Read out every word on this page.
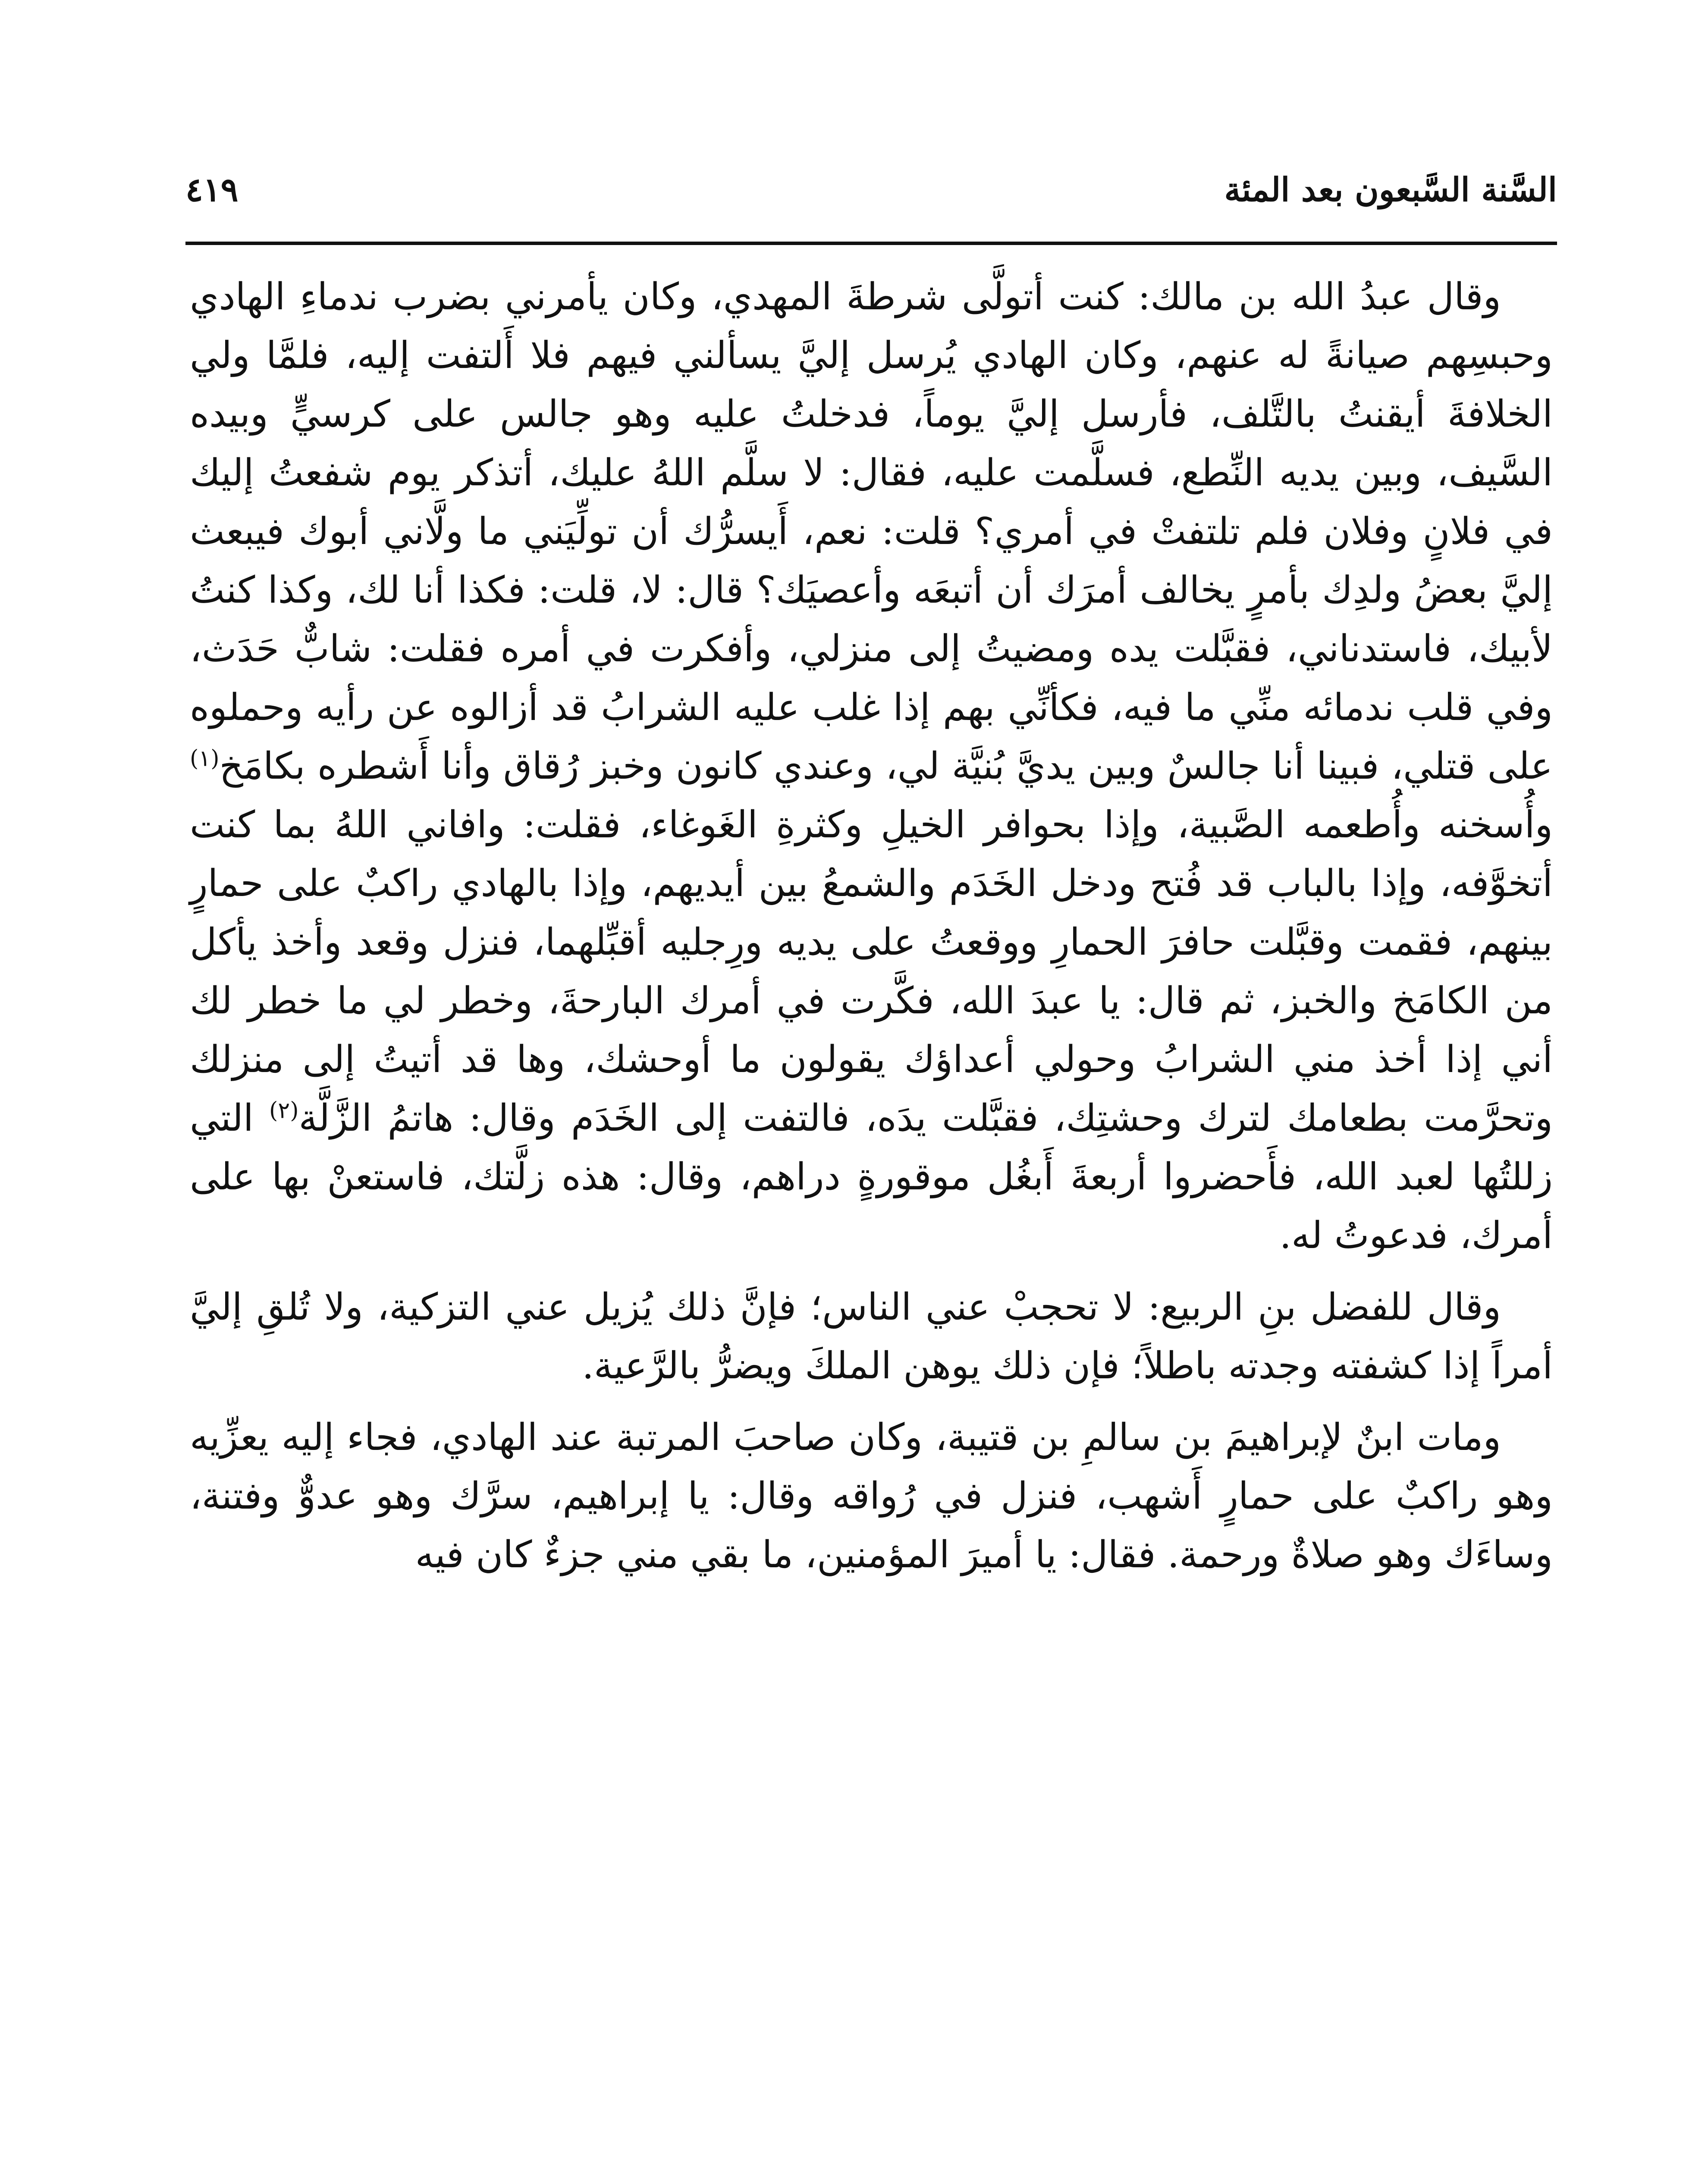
السَّنة السَّبعون بعد المئة
٤١٩

وقال عبدُ الله بن مالك: كنت أتولَّى شرطةَ المهدي، وكان يأمرني بضرب ندماءِ الهادي وحبسِهم صيانةً له عنهم، وكان الهادي يُرسل إليَّ يسألني فيهم فلا أَلتفت إليه، فلمَّا ولي الخلافةَ أيقنتُ بالتَّلف، فأرسل إليَّ يوماً، فدخلتُ عليه وهو جالس على كرسيٍّ وبيده السَّيف، وبين يديه النِّطع، فسلَّمت عليه، فقال: لا سلَّم اللهُ عليك، أتذكر يوم شفعتُ إليك في فلانٍ وفلان فلم تلتفتْ في أمري؟ قلت: نعم، أَيسرُّك أن تولِّيَني ما ولَّاني أبوك فيبعث إليَّ بعضُ ولدِك بأمرٍ يخالف أمرَك أن أتبعَه وأعصيَك؟ قال: لا، قلت: فكذا أنا لك، وكذا كنتُ لأبيك، فاستدناني، فقبَّلت يده ومضيتُ إلى منزلي، وأفكرت في أمره فقلت: شابٌّ حَدَث، وفي قلب ندمائه منِّي ما فيه، فكأنِّي بهم إذا غلب عليه الشرابُ قد أزالوه عن رأيه وحملوه على قتلي، فبينا أنا جالسٌ وبين يديَّ بُنيَّة لي، وعندي كانون وخبز رُقاق وأنا أَشطره بكامَخ$^{(١)}$ وأُسخنه وأُطعمه الصَّبية، وإذا بحوافر الخيلِ وكثرةِ الغَوغاء، فقلت: وافاني اللهُ بما كنت أتخوَّفه، وإذا بالباب قد فُتح ودخل الخَدَم والشمعُ بين أيديهم، وإذا بالهادي راكبٌ على حمارٍ بينهم، فقمت وقبَّلت حافرَ الحمارِ ووقعتُ على يديه ورِجليه أقبِّلهما، فنزل وقعد وأخذ يأكل من الكامَخ والخبز، ثم قال: يا عبدَ الله، فكَّرت في أمرك البارحةَ، وخطر لي ما خطر لك أني إذا أخذ مني الشرابُ وحولي أعداؤك يقولون ما أوحشك، وها قد أتيتُ إلى منزلك وتحرَّمت بطعامك لترك وحشتِك، فقبَّلت يدَه، فالتفت إلى الخَدَم وقال: هاتمُ الزَّلَّة$^{(٢)}$ التي زللتُها لعبد الله، فأَحضروا أربعةَ أَبغُل موقورةٍ دراهم، وقال: هذه زلَّتك، فاستعنْ بها على أمرك، فدعوتُ له.

وقال للفضل بنِ الربيع: لا تحجبْ عني الناس؛ فإنَّ ذلك يُزيل عني التزكية، ولا تُلقِ إليَّ أمراً إذا كشفته وجدته باطلاً؛ فإن ذلك يوهن الملكَ ويضرُّ بالرَّعية.

ومات ابنٌ لإبراهيمَ بن سالمِ بن قتيبة، وكان صاحبَ المرتبة عند الهادي، فجاء إليه يعزِّيه وهو راكبٌ على حمارٍ أَشهب، فنزل في رُواقه وقال: يا إبراهيم، سرَّك وهو عدوٌّ وفتنة، وساءَك وهو صلاةٌ ورحمة. فقال: يا أميرَ المؤمنين، ما بقي مني جزءٌ كان فيه
